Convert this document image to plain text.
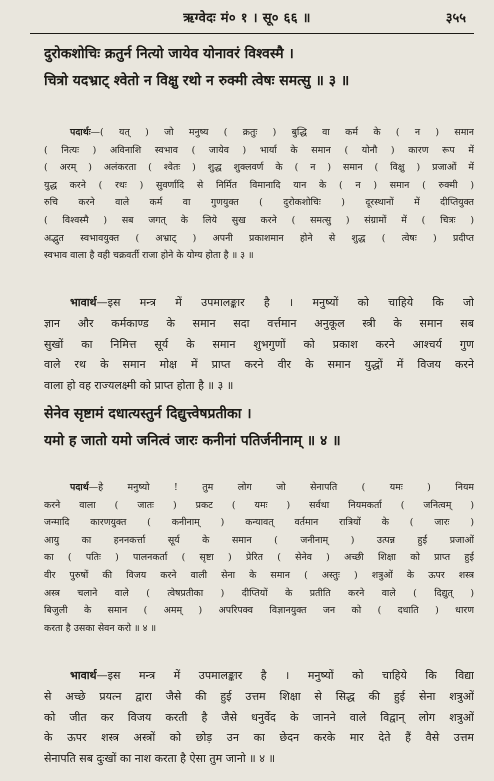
ऋग्वेदः मं० १ । सू० ६६ ॥	३५५
दुरोकशोचिः क्रतुर्न नित्यो जायेव योनावरं विश्वस्मै ।
चित्रो यदभ्राट् श्वेतो न विक्षु रथो न रुक्मी त्वेषः समत्सु ॥ ३ ॥
पदार्थः—( यत् ) जो मनुष्य ( क्रतुः ) बुद्धि वा कर्म के ( न ) समान
( नित्यः ) अविनाशि स्वभाव ( जायेव ) भार्या के समान ( योनौ ) कारण रूप में
( अरम् ) अलंकरता ( श्वेतः ) शुद्ध शुक्लवर्ण के ( न ) समान ( विक्षु ) प्रजाओं में
युद्ध करने ( रथः ) सुवर्णादि से निर्मित विमानादि यान के ( न ) समान ( रुक्मी )
रुचि करने वाले कर्म वा गुणयुक्त ( दुरोकशोचिः ) दूरस्थानों में दीप्तियुक्त
( विश्वस्मै ) सब जगत् के लिये सुख करने ( समत्सु ) संग्रामों में ( चित्रः )
अद्भुत स्वभावयुक्त ( अभ्राट् ) अपनी प्रकाशमान होने से शुद्ध ( त्वेषः ) प्रदीप्त
स्वभाव वाला है वही चक्रवर्ती राजा होने के योग्य होता है ॥ ३ ॥
भावार्थ—इस मन्त्र में उपमालङ्कार है । मनुष्यों को चाहिये कि जो
ज्ञान और कर्मकाण्ड के समान सदा वर्त्तमान अनुकूल स्त्री के समान सब
सुखों का निमित्त सूर्य के समान शुभगुणों को प्रकाश करने आश्चर्य गुण
वाले रथ के समान मोक्ष में प्राप्त करने वीर के समान युद्धों में विजय करने
वाला हो वह राज्यलक्ष्मी को प्राप्त होता है ॥ ३ ॥
सेनेव सृष्टामं दधात्यस्तुर्न दिद्युत्त्वेषप्रतीका ।
यमो ह जातो यमो जनित्वं जारः कनीनां पतिर्जनीनाम् ॥ ४ ॥
पदार्थ—हे मनुष्यो ! तुम लोग जो सेनापति ( यमः ) नियम
करने वाला ( जातः ) प्रकट ( यमः ) सर्वथा नियमकर्ता ( जनित्वम् )
जन्मादि कारणयुक्त ( कनीनाम् ) कन्यावत् वर्तमान रात्रियों के ( जारः )
आयु का हननकर्त्ता सूर्य के समान ( जनीनाम् ) उत्पन्न हुई प्रजाओं
का ( पतिः ) पालनकर्ता ( सृष्टा ) प्रेरित ( सेनेव ) अच्छी शिक्षा को प्राप्त हुई
वीर पुरुषों की विजय करने वाली सेना के समान ( अस्तुः ) शत्रुओं के ऊपर शस्त्र
अस्त्र चलाने वाले ( त्वेषप्रतीका ) दीप्तियों के प्रतीति करने वाले ( दिद्युत् )
बिजुली के समान ( अमम् ) अपरिपक्व विज्ञानयुक्त जन को ( दधाति ) धारण
करता है उसका सेवन करो ॥ ४ ॥
भावार्थ—इस मन्त्र में उपमालङ्कार है । मनुष्यों को चाहिये कि विद्या
से अच्छे प्रयत्न द्वारा जैसे की हुई उत्तम शिक्षा से सिद्ध की हुई सेना शत्रुओं
को जीत कर विजय करती है जैसे धनुर्वेद के जानने वाले विद्वान् लोग शत्रुओं
के ऊपर शस्त्र अस्त्रों को छोड़ उन का छेदन करके मार देते हैं वैसे उत्तम
सेनापति सब दुःखों का नाश करता है ऐसा तुम जानो ॥ ४ ॥
